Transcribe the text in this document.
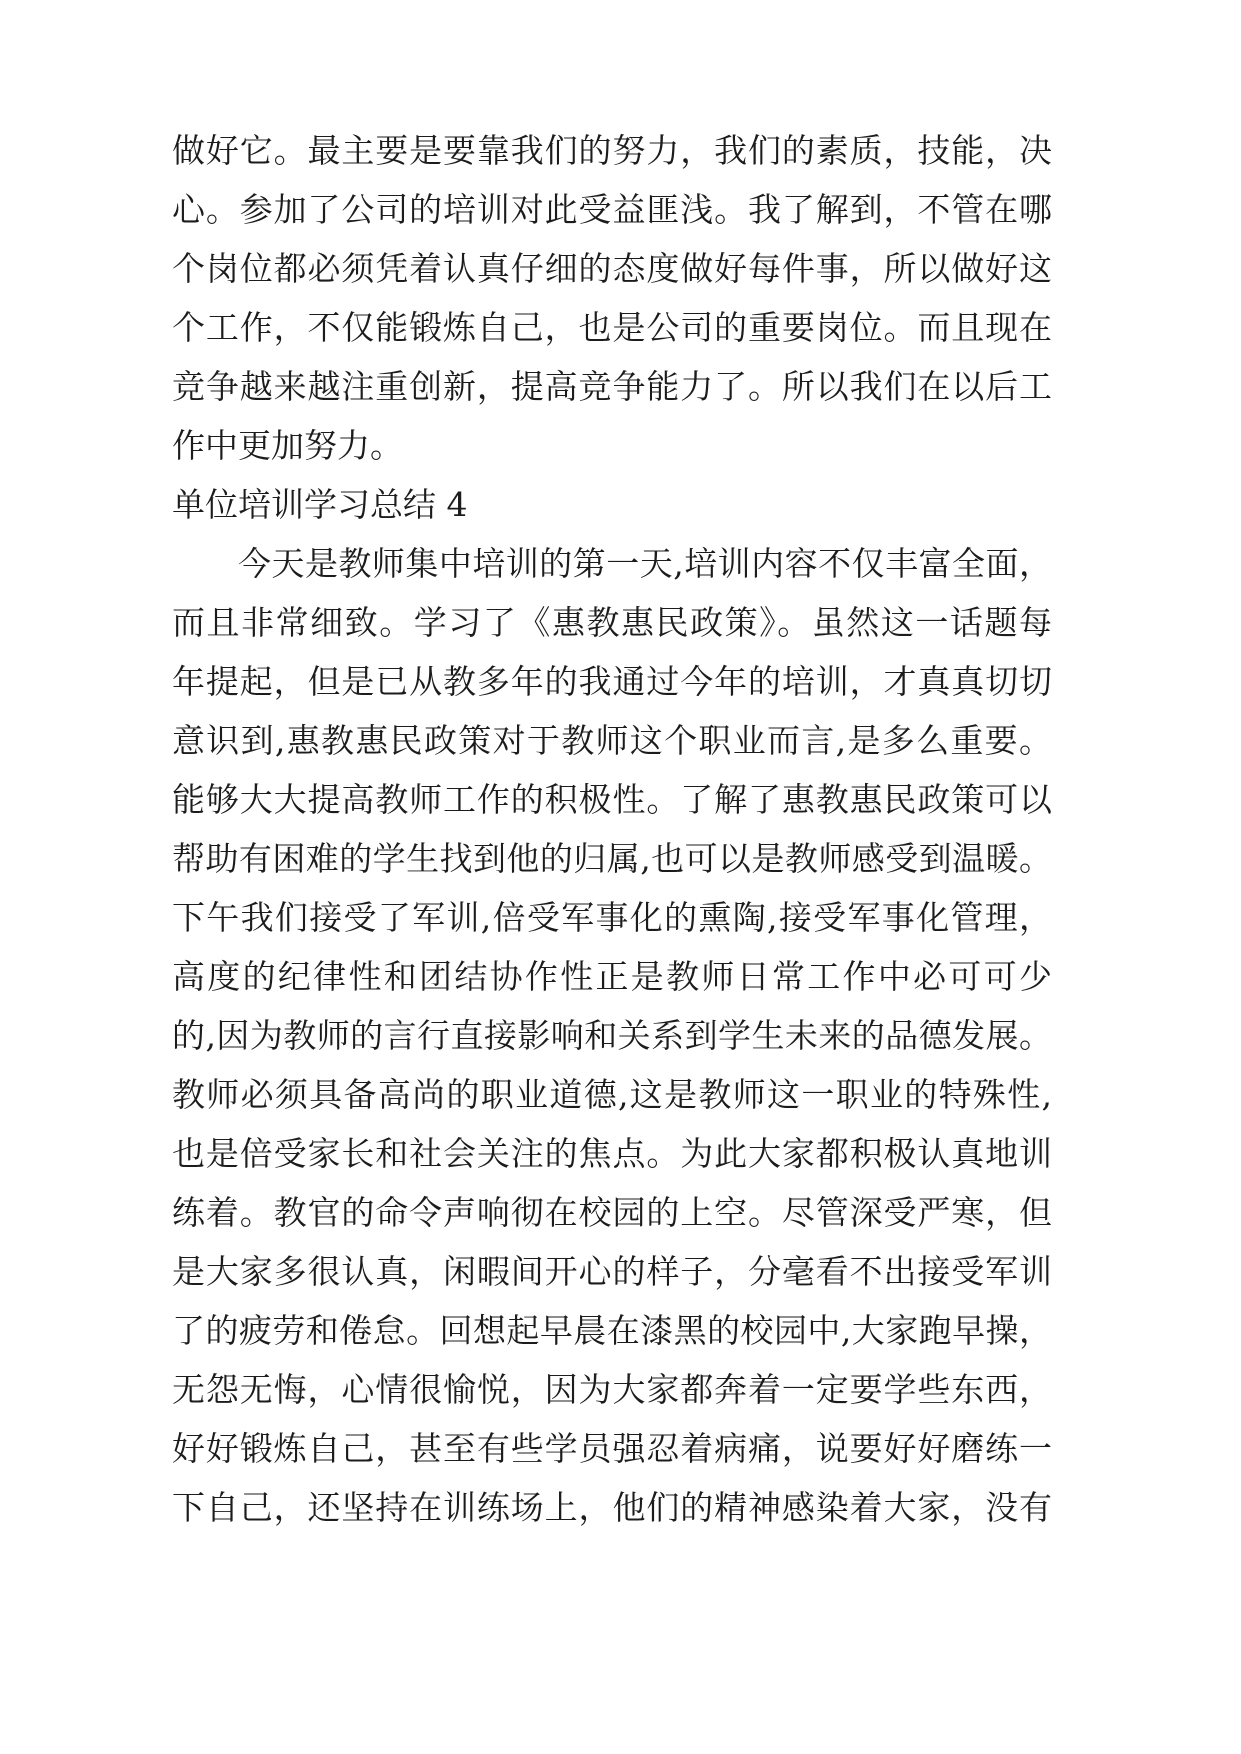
做好它。最主要是要靠我们的努力，我们的素质，技能，决
心。参加了公司的培训对此受益匪浅。我了解到，不管在哪
个岗位都必须凭着认真仔细的态度做好每件事，所以做好这
个工作，不仅能锻炼自己，也是公司的重要岗位。而且现在
竞争越来越注重创新，提高竞争能力了。所以我们在以后工
作中更加努力。
单位培训学习总结 4
今天是教师集中培训的第一天,培训内容不仅丰富全面，
而且非常细致。学习了《惠教惠民政策》。虽然这一话题每
年提起，但是已从教多年的我通过今年的培训，才真真切切
意识到,惠教惠民政策对于教师这个职业而言,是多么重要。
能够大大提高教师工作的积极性。了解了惠教惠民政策可以
帮助有困难的学生找到他的归属,也可以是教师感受到温暖。
下午我们接受了军训,倍受军事化的熏陶,接受军事化管理，
高度的纪律性和团结协作性正是教师日常工作中必可可少
的,因为教师的言行直接影响和关系到学生未来的品德发展。
教师必须具备高尚的职业道德,这是教师这一职业的特殊性,
也是倍受家长和社会关注的焦点。为此大家都积极认真地训
练着。教官的命令声响彻在校园的上空。尽管深受严寒，但
是大家多很认真，闲暇间开心的样子，分毫看不出接受军训
了的疲劳和倦怠。回想起早晨在漆黑的校园中,大家跑早操，
无怨无悔，心情很愉悦，因为大家都奔着一定要学些东西，
好好锻炼自己，甚至有些学员强忍着病痛，说要好好磨练一
下自己，还坚持在训练场上，他们的精神感染着大家，没有
